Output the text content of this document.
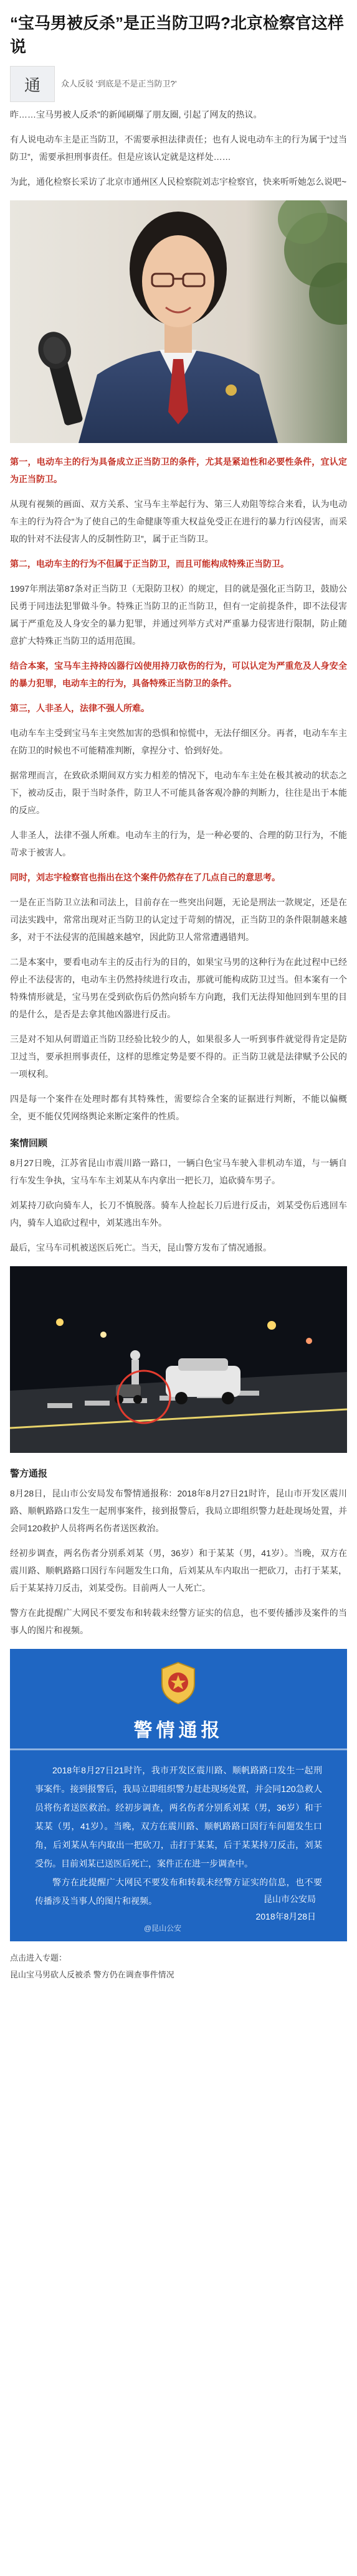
“宝马男被反杀”是正当防卫吗?北京检察官这样说
通	众人反驳 ‘到底是不是正当防卫?’

昨……宝马男被人反杀”的新闻刷爆了朋友圈, 引起了网友的热议。

有人说电动车主是正当防卫，不需要承担法律责任；也有人说电动车主的行为属于“过当防卫”，需要承担刑事责任。但是应该认定就是这样处……

为此，通化检察长采访了北京市通州区人民检察院刘志宇检察官，快来听听她怎么说吧~

第一，电动车主的行为具备成立正当防卫的条件，尤其是紧迫性和必要性条件，宜认定为正当防卫。

从现有视频的画面、双方关系、宝马车主举起行为、第三人劝阻等综合来看，认为电动车主的行为符合“为了使自己的生命健康等重大权益免受正在进行的暴力行凶侵害，而采取的针对不法侵害人的反制性防卫”，属于正当防卫。

第二，电动车主的行为不但属于正当防卫，而且可能构成特殊正当防卫。

1997年刑法第87条对正当防卫（无限防卫权）的规定，目的就是强化正当防卫，鼓励公民勇于同违法犯罪做斗争。特殊正当防卫的正当防卫，但有一定前提条件，即不法侵害属于严重危及人身安全的暴力犯罪，并通过列举方式对严重暴力侵害进行限制，防止随意扩大特殊正当防卫的适用范围。

结合本案，宝马车主持持凶器行凶使用持刀砍伤的行为，可以认定为严重危及人身安全的暴力犯罪，电动车主的行为，具备特殊正当防卫的条件。

第三，人非圣人，法律不强人所难。

电动车车主受到宝马车主突然加害的恐惧和惊慌中，无法仔细区分。再者，电动车车主在防卫的时候也不可能精准判断，拿捏分寸、恰到好处。

据常理而言，在致砍杀期间双方实力相差的情况下，电动车车主处在极其被动的状态之下，被动反击，限于当时条件，防卫人不可能具备客观冷静的判断力，往往是出于本能的反应。

人非圣人，法律不强人所难。电动车主的行为，是一种必要的、合理的防卫行为，不能苛求于被害人。

同时，刘志宇检察官也指出在这个案件仍然存在了几点自己的意思考。

一是在正当防卫立法和司法上，目前存在一些突出问题，无论是刑法一款规定，还是在司法实践中，常常出现对正当防卫的认定过于苛刻的情况，正当防卫的条件限制越来越多，对于不法侵害的范围越来越窄，因此防卫人常常遭遇错判。

二是本案中，要看电动车主的反击行为的目的，如果宝马男的这种行为在此过程中已经停止不法侵害的，电动车主仍然持续进行攻击，那就可能构成防卫过当。但本案有一个特殊情形就是，宝马男在受到砍伤后仍然向轿车方向跑，我们无法得知他回到车里的目的是什么，是否是去拿其他凶器进行反击。

三是对不知从何谓道正当防卫经验比较少的人，如果很多人一听到事件就觉得肯定是防卫过当，要承担刑事责任，这样的思维定势是要不得的。正当防卫就是法律赋予公民的一项权利。

四是每一个案件在处理时都有其特殊性，需要综合全案的证据进行判断，不能以偏概全，更不能仅凭网络舆论来断定案件的性质。

案情回顾

8月27日晚，江苏省昆山市震川路一路口，一辆白色宝马车驶入非机动车道，与一辆自行车发生争执，宝马车车主刘某从车内拿出一把长刀，追砍骑车男子。

刘某持刀砍向骑车人，长刀不慎脱落。骑车人捡起长刀后进行反击，刘某受伤后逃回车内，骑车人追砍过程中，刘某逃出车外。

最后，宝马车司机被送医后死亡。当天，昆山警方发布了情况通报。

警方通报

8月28日，昆山市公安局发布警情通报称：2018年8月27日21时许，昆山市开发区震川路、顺帆路路口发生一起刑事案件，接到报警后，我局立即组织警力赶赴现场处置，并会同120救护人员将两名伤者送医救治。

经初步调查，两名伤者分别系刘某（男，36岁）和于某某（男，41岁）。当晚，双方在震川路、顺帆路路口因行车问题发生口角，后刘某从车内取出一把砍刀，击打于某某，后于某某持刀反击，刘某受伤。目前两人一人死亡。

警方在此提醒广大网民不要发布和转载未经警方证实的信息，也不要传播涉及案件的当事人的图片和视频。

警情通报
2018年8月27日21时许，我市开发区震川路、顺帆路路口发生一起刑事案件。接到报警后，我局立即组织警力赶赴现场处置，并会同120急救人员将伤者送医救治。经初步调查，两名伤者分别系刘某（男，36岁）和于某某（男，41岁）。当晚，双方在震川路、顺帆路路口因行车问题发生口角，后刘某从车内取出一把砍刀，击打于某某，后于某某持刀反击，刘某受伤。目前刘某已送医后死亡，案件正在进一步调查中。
警方在此提醒广大网民不要发布和转载未经警方证实的信息，也不要传播涉及当事人的图片和视频。	昆山市公安局
2018年8月28日
@昆山公安
点击进入专题：
昆山宝马男砍人反被杀 警方仍在调查事件情况
